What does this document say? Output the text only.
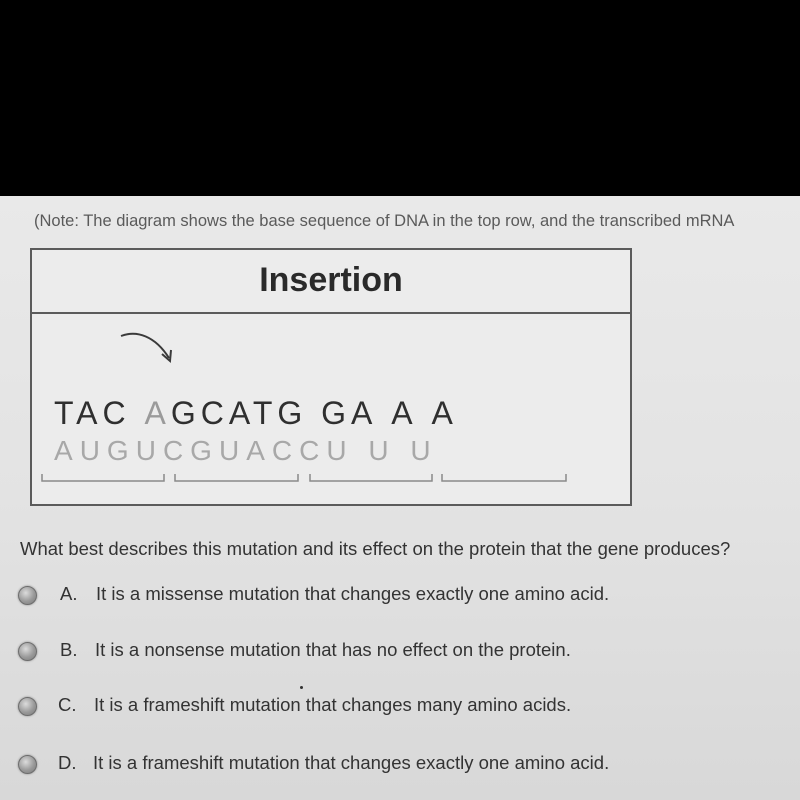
(Note: The diagram shows the base sequence of DNA in the top row, and the transcribed mRNA
Insertion
TAC AGCATG GA A A
AUGUCGUACCU U U
What best describes this mutation and its effect on the protein that the gene produces?
A. It is a missense mutation that changes exactly one amino acid.
B. It is a nonsense mutation that has no effect on the protein.
C. It is a frameshift mutation that changes many amino acids.
D. It is a frameshift mutation that changes exactly one amino acid.
